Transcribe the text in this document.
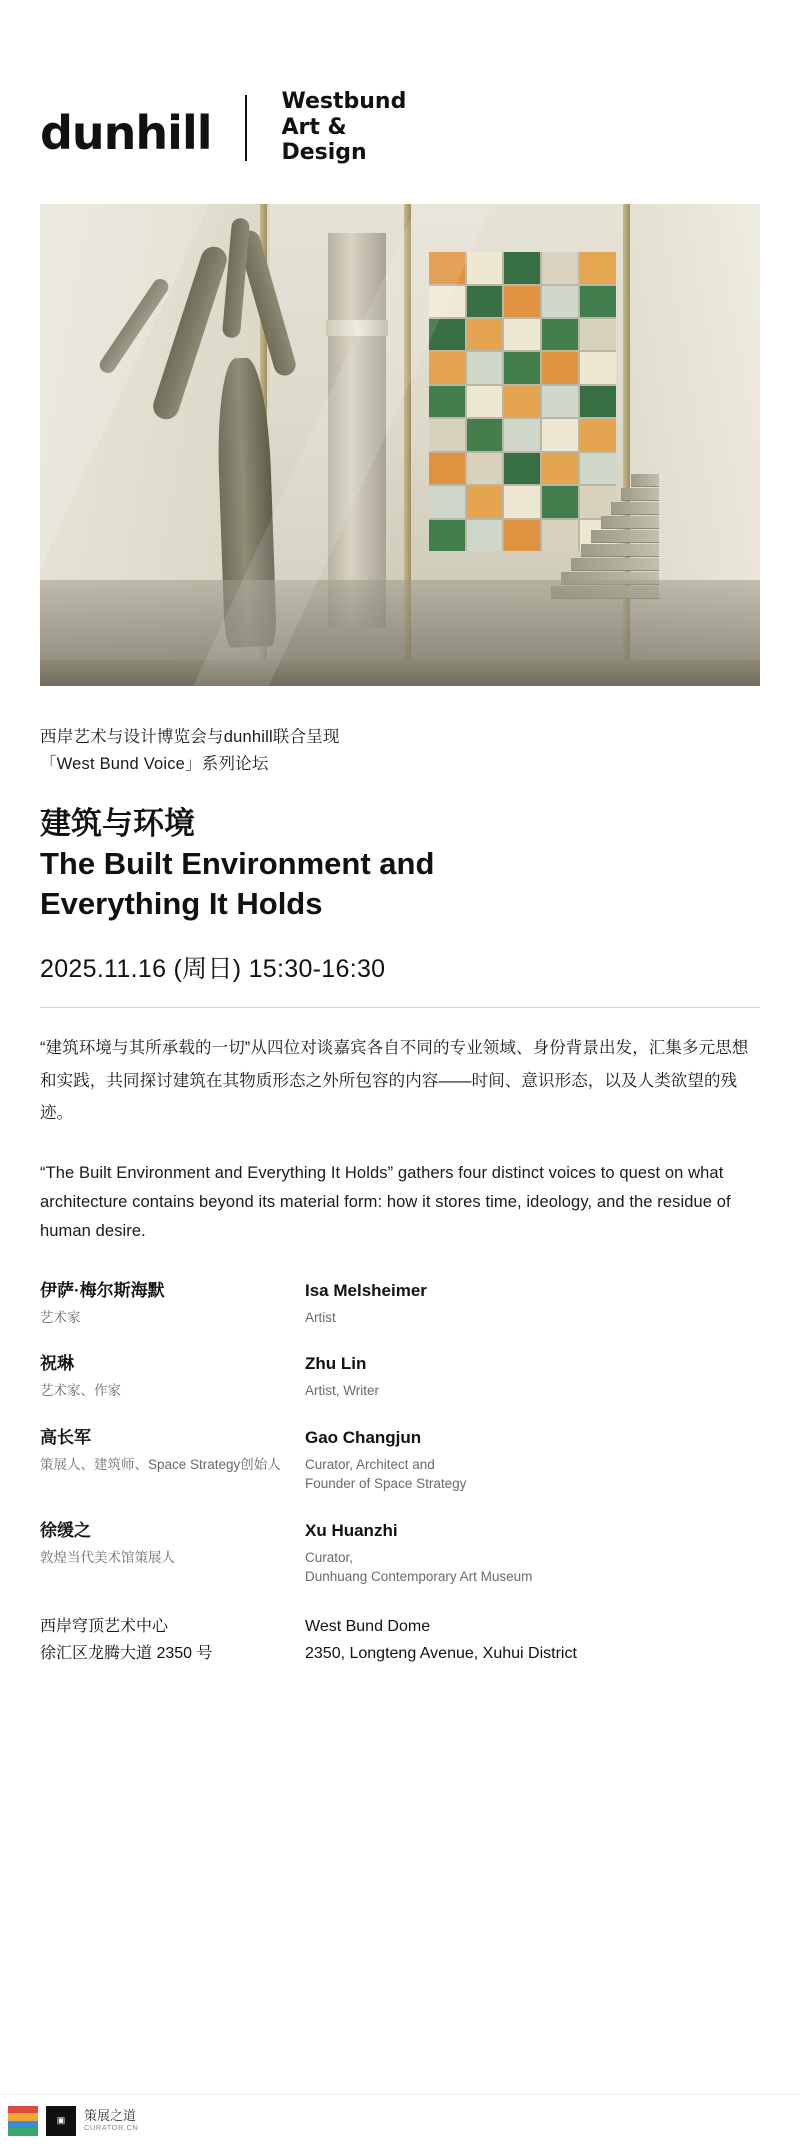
dunhill
Westbund
Art &
Design
西岸艺术与设计博览会与dunhill联合呈现
「West Bund Voice」系列论坛
建筑与环境
The Built Environment and
Everything It Holds
2025.11.16 (周日) 15:30-16:30

“建筑环境与其所承载的一切”从四位对谈嘉宾各自不同的专业领域、身份背景出发，汇集多元思想和实践，共同探讨建筑在其物质形态之外所包容的内容——时间、意识形态，以及人类欲望的残迹。

“The Built Environment and Everything It Holds” gathers four distinct voices to quest on what architecture contains beyond its material form: how it stores time, ideology, and the residue of human desire.

伊萨·梅尔斯海默
艺术家
Isa Melsheimer
Artist
祝琳
艺术家、作家
Zhu Lin
Artist, Writer
高长军
策展人、建筑师、Space Strategy创始人
Gao Changjun
Curator, Architect and
Founder of Space Strategy
徐缓之
敦煌当代美术馆策展人
Xu Huanzhi
Curator,
Dunhuang Contemporary Art Museum
西岸穹顶艺术中心
徐汇区龙腾大道 2350 号
West Bund Dome
2350, Longteng Avenue, Xuhui District
▣	策展之道
CURATOR.CN
